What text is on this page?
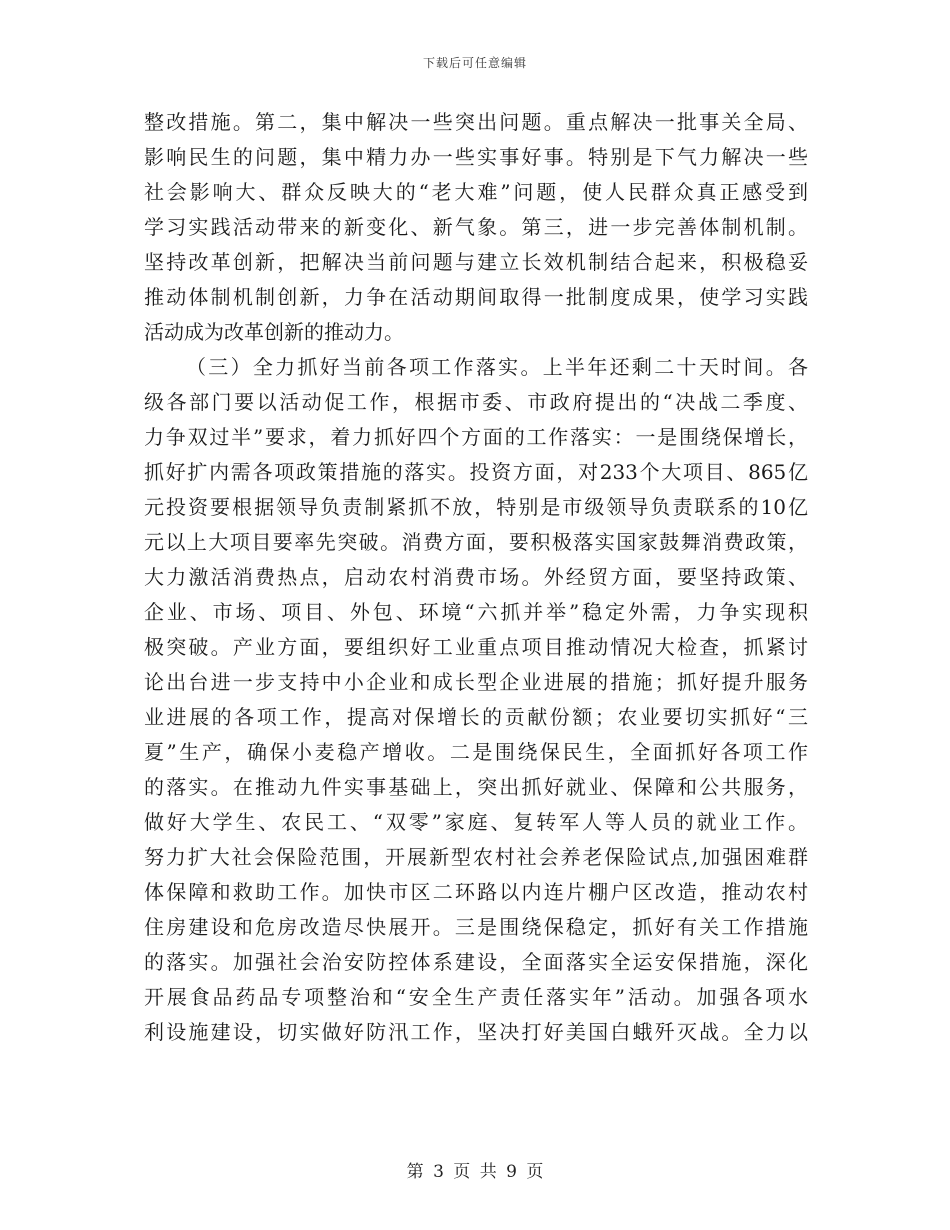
下载后可任意编辑
整改措施。第二，集中解决一些突出问题。重点解决一批事关全局、
影响民生的问题，集中精力办一些实事好事。特别是下气力解决一些
社会影响大、群众反映大的“老大难”问题，使人民群众真正感受到
学习实践活动带来的新变化、新气象。第三，进一步完善体制机制。
坚持改革创新，把解决当前问题与建立长效机制结合起来，积极稳妥
推动体制机制创新，力争在活动期间取得一批制度成果，使学习实践
活动成为改革创新的推动力。
（三）全力抓好当前各项工作落实。上半年还剩二十天时间。各
级各部门要以活动促工作，根据市委、市政府提出的“决战二季度、
力争双过半”要求，着力抓好四个方面的工作落实：一是围绕保增长，
抓好扩内需各项政策措施的落实。投资方面，对233个大项目、865亿
元投资要根据领导负责制紧抓不放，特别是市级领导负责联系的10亿
元以上大项目要率先突破。消费方面，要积极落实国家鼓舞消费政策，
大力激活消费热点，启动农村消费市场。外经贸方面，要坚持政策、
企业、市场、项目、外包、环境“六抓并举”稳定外需，力争实现积
极突破。产业方面，要组织好工业重点项目推动情况大检查，抓紧讨
论出台进一步支持中小企业和成长型企业进展的措施；抓好提升服务
业进展的各项工作，提高对保增长的贡献份额；农业要切实抓好“三
夏”生产，确保小麦稳产增收。二是围绕保民生，全面抓好各项工作
的落实。在推动九件实事基础上，突出抓好就业、保障和公共服务，
做好大学生、农民工、“双零”家庭、复转军人等人员的就业工作。
努力扩大社会保险范围，开展新型农村社会养老保险试点,加强困难群
体保障和救助工作。加快市区二环路以内连片棚户区改造，推动农村
住房建设和危房改造尽快展开。三是围绕保稳定，抓好有关工作措施
的落实。加强社会治安防控体系建设，全面落实全运安保措施，深化
开展食品药品专项整治和“安全生产责任落实年”活动。加强各项水
利设施建设，切实做好防汛工作，坚决打好美国白蛾歼灭战。全力以
第 3 页 共 9 页
